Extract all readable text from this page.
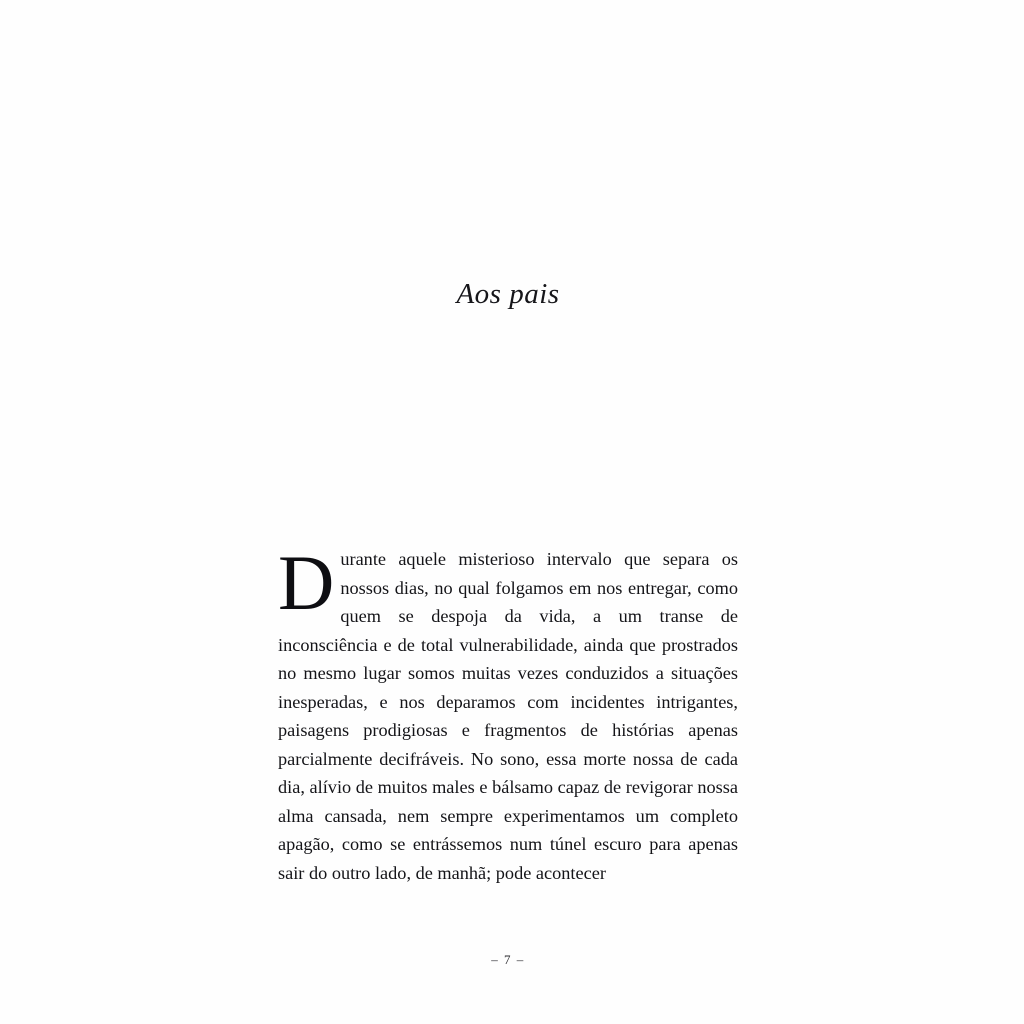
Aos pais

Durante aquele misterioso intervalo que separa os nossos dias, no qual folgamos em nos entregar, como quem se despoja da vida, a um transe de inconsciência e de total vulnerabilidade, ainda que prostrados no mesmo lugar somos muitas vezes conduzidos a situações inesperadas, e nos deparamos com incidentes intrigantes, paisagens prodigiosas e fragmentos de histórias apenas parcialmente decifráveis. No sono, essa morte nossa de cada dia, alívio de muitos males e bálsamo capaz de revigorar nossa alma cansada, nem sempre experimentamos um completo apagão, como se entrássemos num túnel escuro para apenas sair do outro lado, de manhã; pode acontecer

– 7 –
